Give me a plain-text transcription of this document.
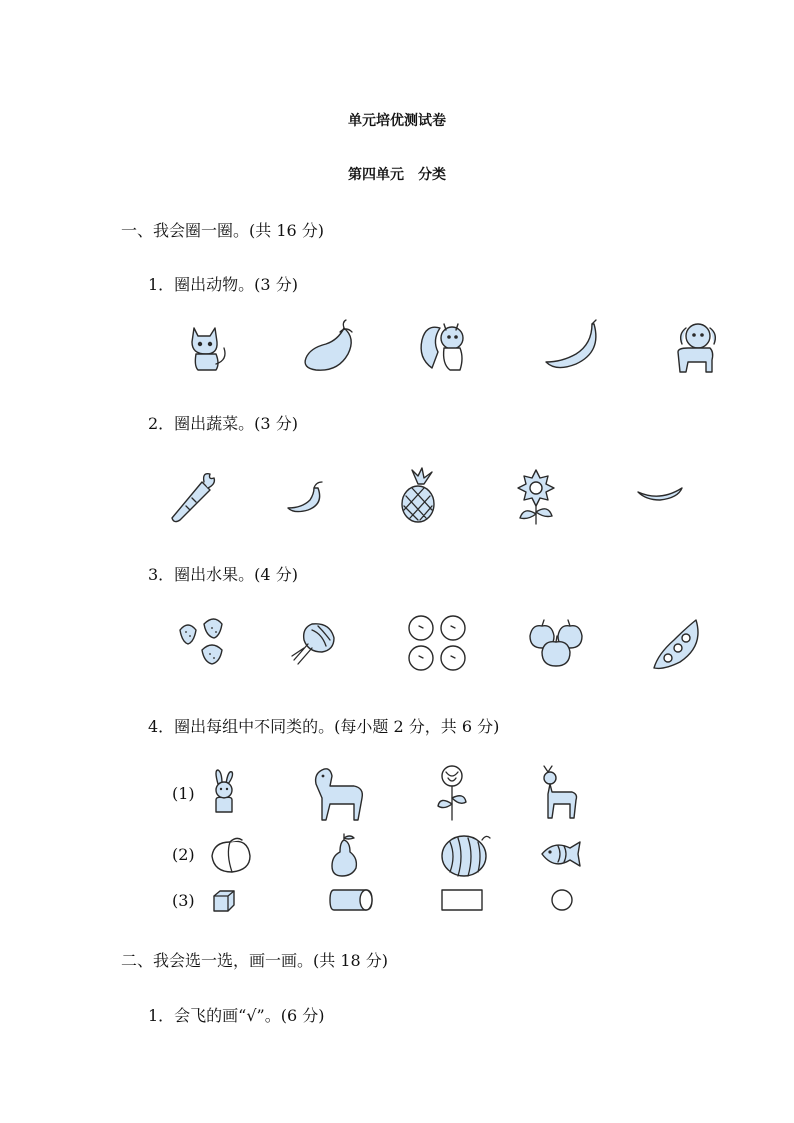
单元培优测试卷
第四单元　分类
一、我会圈一圈。(共 16 分)
1．圈出动物。(3 分)
2．圈出蔬菜。(3 分)
3．圈出水果。(4 分)
4．圈出每组中不同类的。(每小题 2 分，共 6 分)
(1)
(2)
(3)
二、我会选一选，画一画。(共 18 分)
1．会飞的画“√”。(6 分)
